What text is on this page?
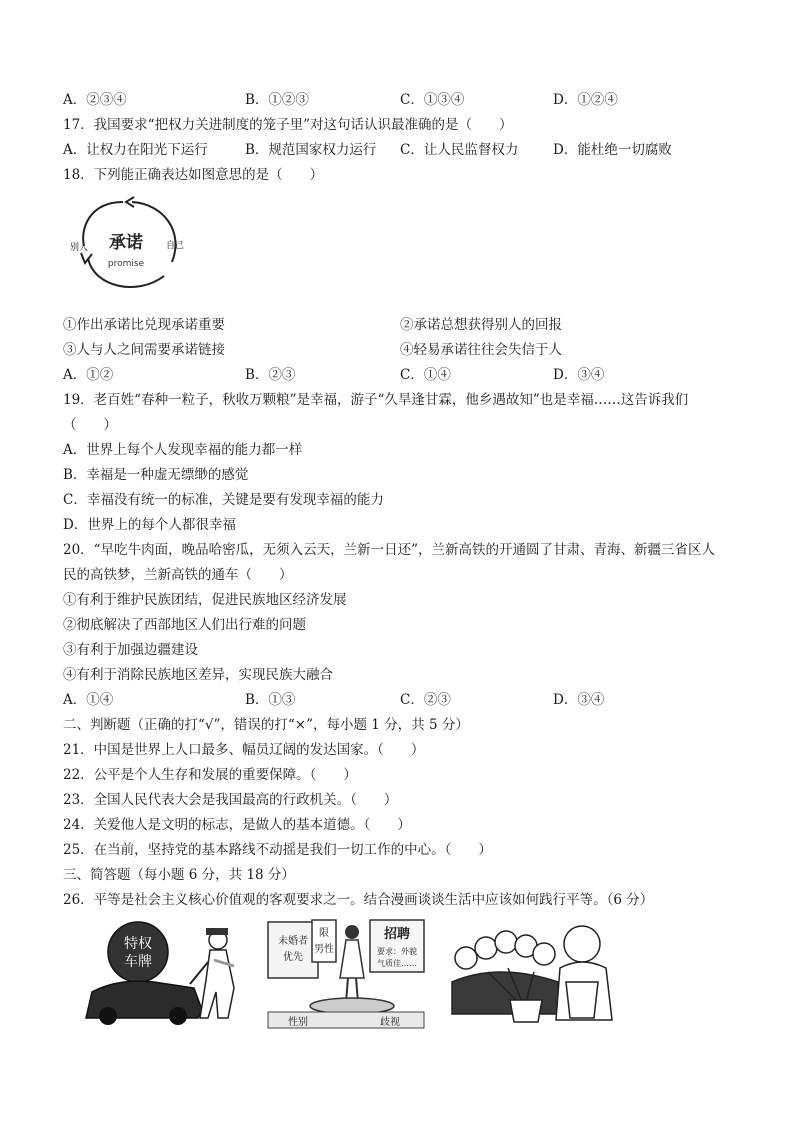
A．②③④	B．①②③	C．①③④	D．①②④
17．我国要求“把权力关进制度的笼子里”对这句话认识最准确的是（　　）
A．让权力在阳光下运行	B．规范国家权力运行 C．让人民监督权力	D．能杜绝一切腐败
18．下列能正确表达如图意思的是（　　）
承诺
promise
别人	自己
①作出承诺比兑现承诺重要	②承诺总想获得别人的回报
③人与人之间需要承诺链接	④轻易承诺往往会失信于人
A．①②	B．②③	C．①④	D．③④
19．老百姓“春种一粒子，秋收万颗粮”是幸福，游子“久旱逢甘霖，他乡遇故知”也是幸福……这告诉我们
（　　）
A．世界上每个人发现幸福的能力都一样
B．幸福是一种虚无缥缈的感觉
C．幸福没有统一的标准，关键是要有发现幸福的能力
D．世界上的每个人都很幸福
20．“早吃牛肉面，晚品哈密瓜，无须入云天，兰新一日还”，兰新高铁的开通圆了甘肃、青海、新疆三省区人
民的高铁梦，兰新高铁的通车（　　）
①有利于维护民族团结，促进民族地区经济发展
②彻底解决了西部地区人们出行难的问题
③有利于加强边疆建设
④有利于消除民族地区差异，实现民族大融合
A．①④	B．①③	C．②③	D．③④
二、判断题（正确的打“√”，错误的打“×”，每小题 1 分，共 5 分）
21．中国是世界上人口最多、幅员辽阔的发达国家。（　　）
22．公平是个人生存和发展的重要保障。（　　）
23．全国人民代表大会是我国最高的行政机关。（　　）
24．关爱他人是文明的标志，是做人的基本道德。（　　）
25．在当前，坚持党的基本路线不动摇是我们一切工作的中心。（　　）
三、简答题（每小题 6 分，共 18 分）
26．平等是社会主义核心价值观的客观要求之一。结合漫画谈谈生活中应该如何践行平等。（6 分）
特权
车牌
未婚者
优先
限
男性
招聘
要求：外貌
气质佳……
性别	歧视
